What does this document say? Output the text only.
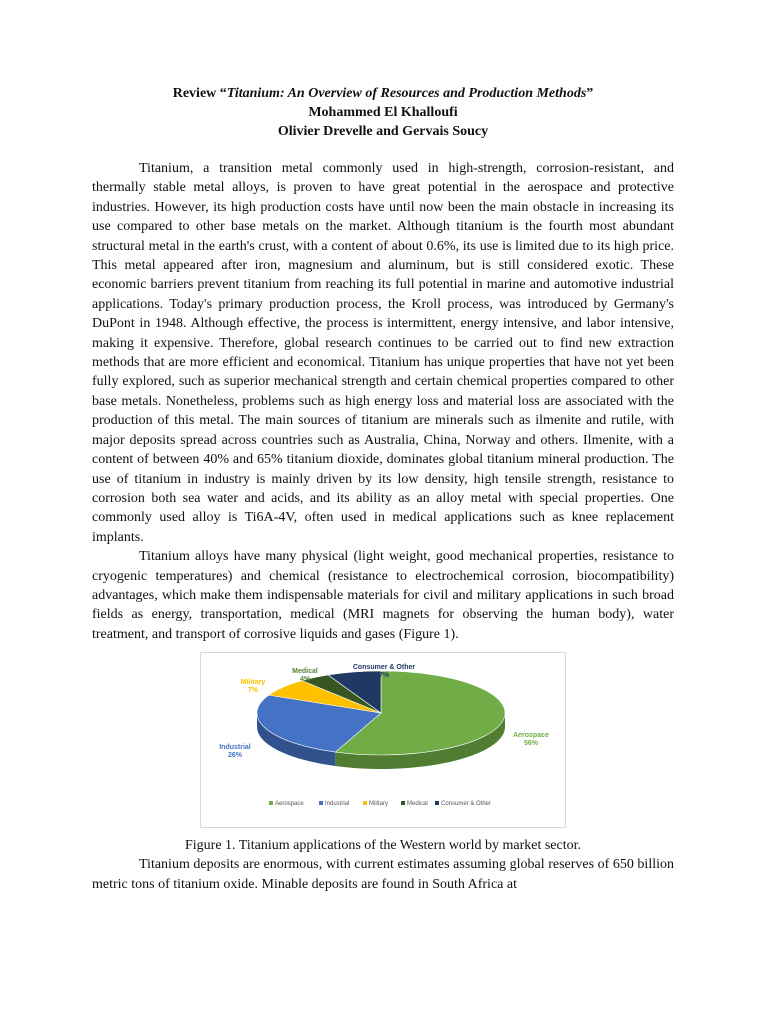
Review “Titanium: An Overview of Resources and Production Methods”
Mohammed El Khalloufi
Olivier Drevelle and Gervais Soucy

Titanium, a transition metal commonly used in high-strength, corrosion-resistant, and thermally stable metal alloys, is proven to have great potential in the aerospace and protective industries. However, its high production costs have until now been the main obstacle in increasing its use compared to other base metals on the market. Although titanium is the fourth most abundant structural metal in the earth's crust, with a content of about 0.6%, its use is limited due to its high price. This metal appeared after iron, magnesium and aluminum, but is still considered exotic. These economic barriers prevent titanium from reaching its full potential in marine and automotive industrial applications. Today's primary production process, the Kroll process, was introduced by Germany's DuPont in 1948. Although effective, the process is intermittent, energy intensive, and labor intensive, making it expensive. Therefore, global research continues to be carried out to find new extraction methods that are more efficient and economical. Titanium has unique properties that have not yet been fully explored, such as superior mechanical strength and certain chemical properties compared to other base metals. Nonetheless, problems such as high energy loss and material loss are associated with the production of this metal. The main sources of titanium are minerals such as ilmenite and rutile, with major deposits spread across countries such as Australia, China, Norway and others. Ilmenite, with a content of between 40% and 65% titanium dioxide, dominates global titanium mineral production. The use of titanium in industry is mainly driven by its low density, high tensile strength, resistance to corrosion both sea water and acids, and its ability as an alloy metal with special properties. One commonly used alloy is Ti6A-4V, often used in medical applications such as knee replacement implants.

Titanium alloys have many physical (light weight, good mechanical properties, resistance to cryogenic temperatures) and chemical (resistance to electrochemical corrosion, biocompatibility) advantages, which make them indispensable materials for civil and military applications in such broad fields as energy, transportation, medical (MRI magnets for observing the human body), water treatment, and transport of corrosive liquids and gases (Figure 1).

Aerospace
56%
Industrial
26%
Military
7%
Medical
4%
Consumer & Other
7%
Aerospace	Industrial	Military	Medical Consumer & Other
Figure 1. Titanium applications of the Western world by market sector.

Titanium deposits are enormous, with current estimates assuming global reserves of 650 billion metric tons of titanium oxide. Minable deposits are found in South Africa at
